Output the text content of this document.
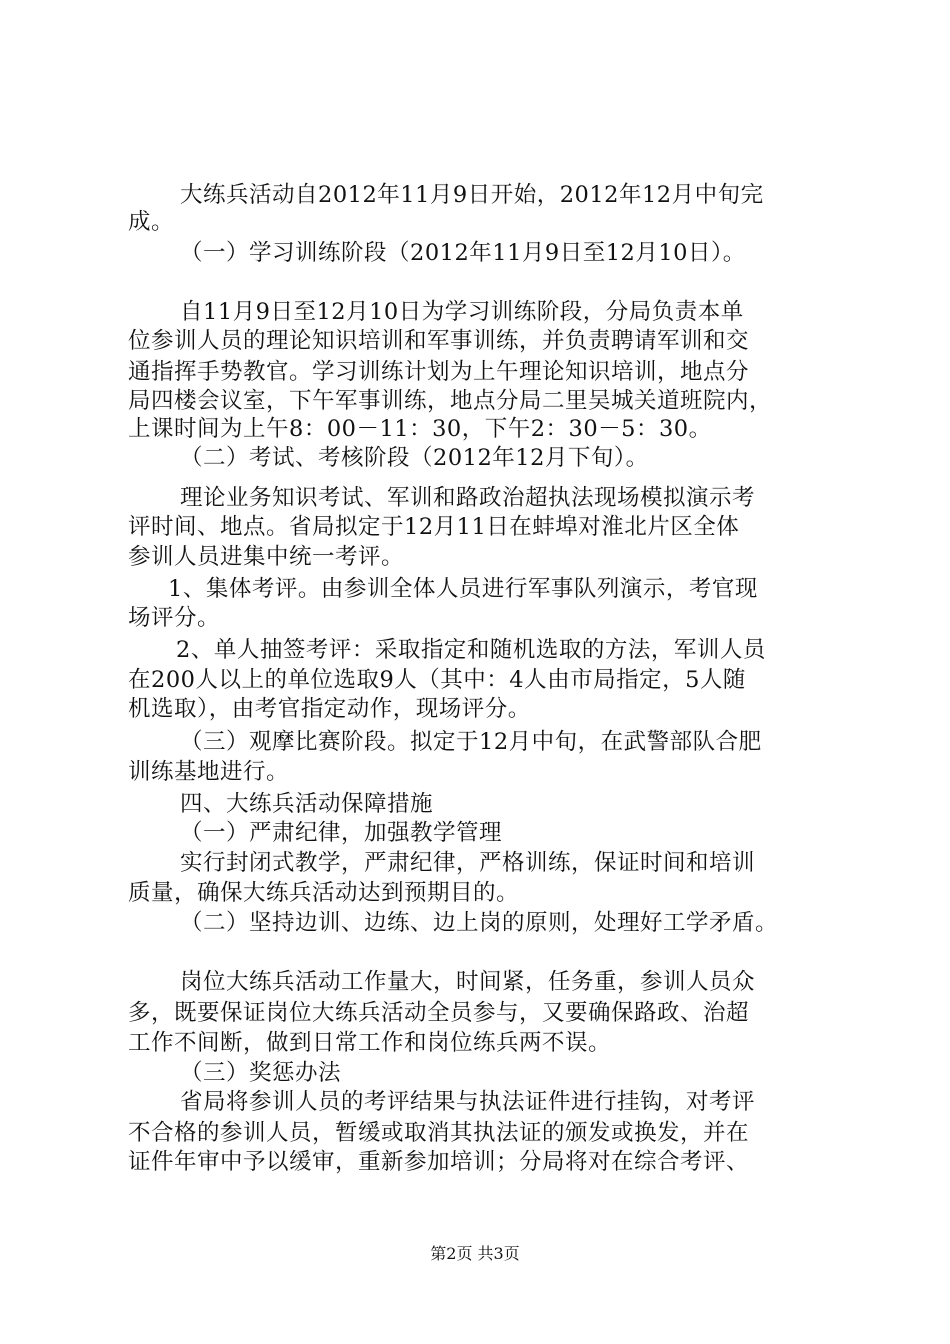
大练兵活动自2012年11月9日开始，2012年12月中旬完
成。
（一）学习训练阶段（2012年11月9日至12月10日）。
自11月9日至12月10日为学习训练阶段，分局负责本单
位参训人员的理论知识培训和军事训练，并负责聘请军训和交
通指挥手势教官。学习训练计划为上午理论知识培训，地点分
局四楼会议室，下午军事训练，地点分局二里吴城关道班院内，
上课时间为上午8：00－11：30，下午2：30－5：30。
（二）考试、考核阶段（2012年12月下旬）。
理论业务知识考试、军训和路政治超执法现场模拟演示考
评时间、地点。省局拟定于12月11日在蚌埠对淮北片区全体
参训人员进集中统一考评。
1、集体考评。由参训全体人员进行军事队列演示，考官现
场评分。
2、单人抽签考评：采取指定和随机选取的方法，军训人员
在200人以上的单位选取9人（其中：4人由市局指定，5人随
机选取），由考官指定动作，现场评分。
（三）观摩比赛阶段。拟定于12月中旬，在武警部队合肥
训练基地进行。
四、大练兵活动保障措施
（一）严肃纪律，加强教学管理
实行封闭式教学，严肃纪律，严格训练，保证时间和培训
质量，确保大练兵活动达到预期目的。
（二）坚持边训、边练、边上岗的原则，处理好工学矛盾。
岗位大练兵活动工作量大，时间紧，任务重，参训人员众
多，既要保证岗位大练兵活动全员参与，又要确保路政、治超
工作不间断，做到日常工作和岗位练兵两不误。
（三）奖惩办法
省局将参训人员的考评结果与执法证件进行挂钩，对考评
不合格的参训人员，暂缓或取消其执法证的颁发或换发，并在
证件年审中予以缓审，重新参加培训；分局将对在综合考评、
第2页 共3页
